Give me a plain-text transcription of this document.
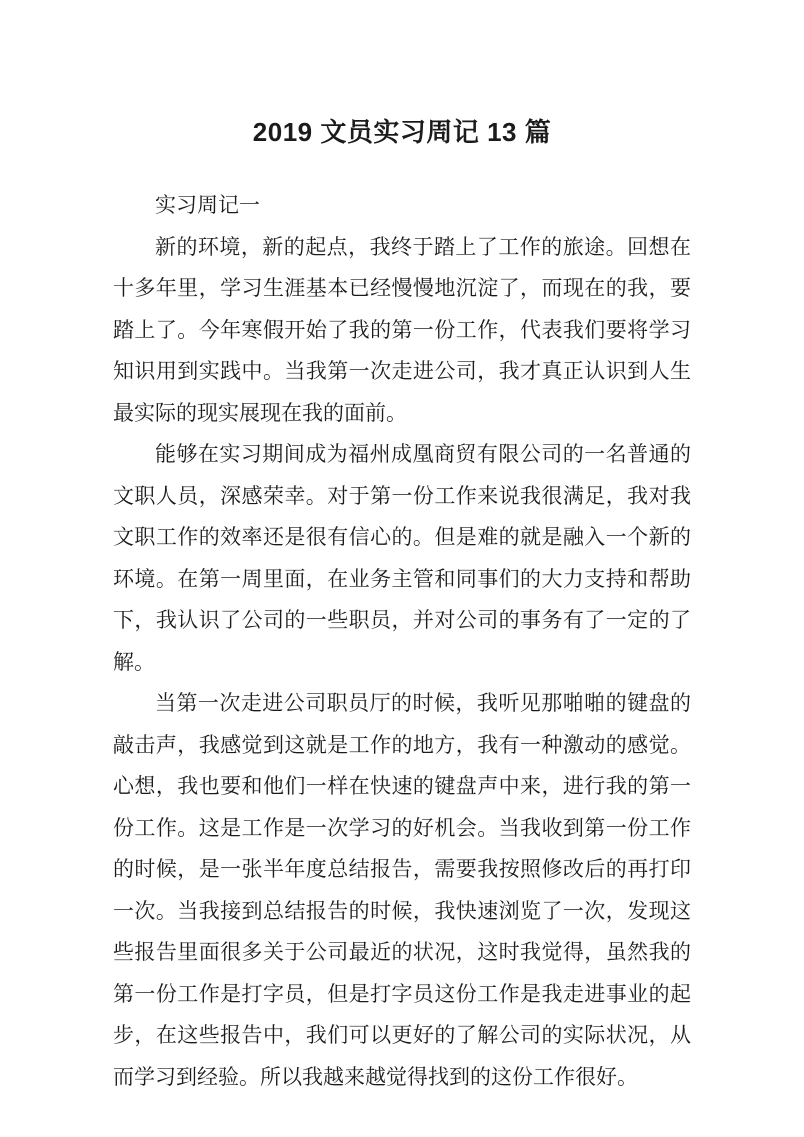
2019 文员实习周记 13 篇

实习周记一

新的环境，新的起点，我终于踏上了工作的旅途。回想在十多年里，学习生涯基本已经慢慢地沉淀了，而现在的我，要踏上了。今年寒假开始了我的第一份工作，代表我们要将学习知识用到实践中。当我第一次走进公司，我才真正认识到人生最实际的现实展现在我的面前。

能够在实习期间成为福州成凰商贸有限公司的一名普通的文职人员，深感荣幸。对于第一份工作来说我很满足，我对我文职工作的效率还是很有信心的。但是难的就是融入一个新的环境。在第一周里面，在业务主管和同事们的大力支持和帮助下，我认识了公司的一些职员，并对公司的事务有了一定的了解。

当第一次走进公司职员厅的时候，我听见那啪啪的键盘的敲击声，我感觉到这就是工作的地方，我有一种激动的感觉。心想，我也要和他们一样在快速的键盘声中来，进行我的第一份工作。这是工作是一次学习的好机会。当我收到第一份工作的时候，是一张半年度总结报告，需要我按照修改后的再打印一次。当我接到总结报告的时候，我快速浏览了一次，发现这些报告里面很多关于公司最近的状况，这时我觉得，虽然我的第一份工作是打字员，但是打字员这份工作是我走进事业的起步，在这些报告中，我们可以更好的了解公司的实际状况，从而学习到经验。所以我越来越觉得找到的这份工作很好。
